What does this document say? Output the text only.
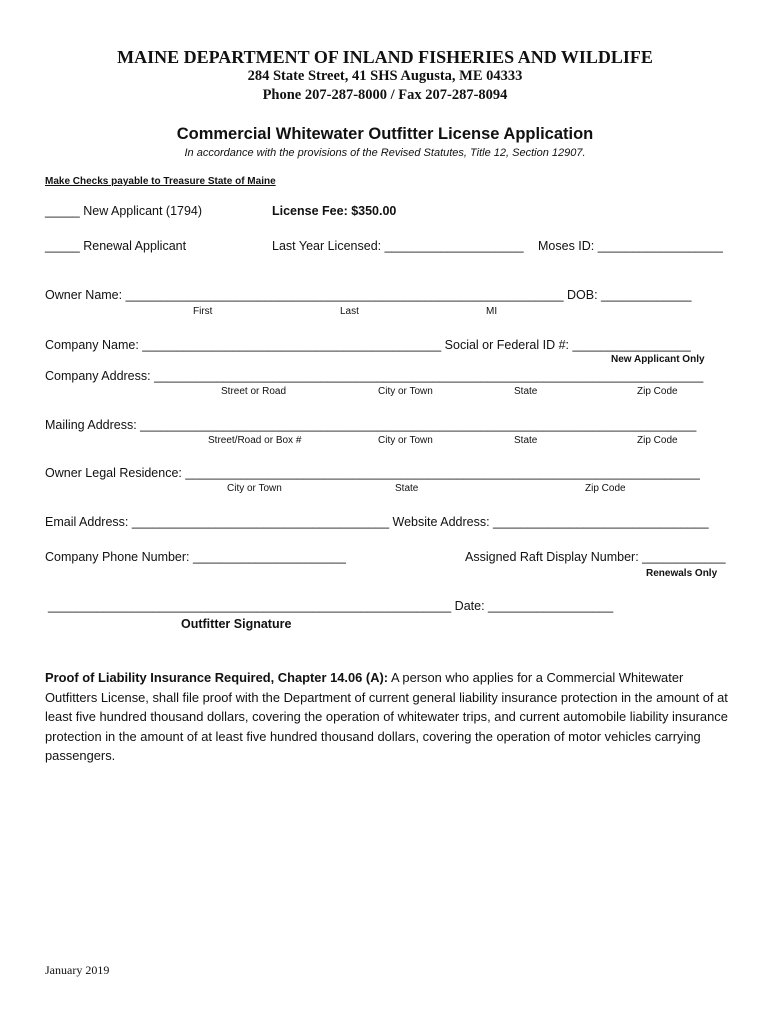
MAINE DEPARTMENT OF INLAND FISHERIES AND WILDLIFE
284 State Street, 41 SHS Augusta, ME 04333
Phone 207-287-8000 / Fax 207-287-8094
Commercial Whitewater Outfitter License Application
In accordance with the provisions of the Revised Statutes, Title 12, Section 12907.
Make Checks payable to Treasure State of Maine
_____ New Applicant (1794)	License Fee: $350.00
_____ Renewal Applicant	Last Year Licensed: ____________________ Moses ID: __________________
Owner Name: _______________________________________________________________ DOB: _____________
First	Last	MI
Company Name: ___________________________________________ Social or Federal ID #: _________________
New Applicant Only
Company Address: _______________________________________________________________________________
Street or Road	City or Town	State	Zip Code
Mailing Address: ________________________________________________________________________________
Street/Road or Box #	City or Town	State	Zip Code
Owner Legal Residence: __________________________________________________________________________
City or Town	State	Zip Code
Email Address: _____________________________________ Website Address: _______________________________
Company Phone Number: ______________________	Assigned Raft Display Number: ____________
Renewals Only
__________________________________________________________ Date: __________________
Outfitter Signature
Proof of Liability Insurance Required, Chapter 14.06 (A): A person who applies for a Commercial Whitewater Outfitters License, shall file proof with the Department of current general liability insurance protection in the amount of at least five hundred thousand dollars, covering the operation of whitewater trips, and current automobile liability insurance protection in the amount of at least five hundred thousand dollars, covering the operation of motor vehicles carrying passengers.
January 2019
